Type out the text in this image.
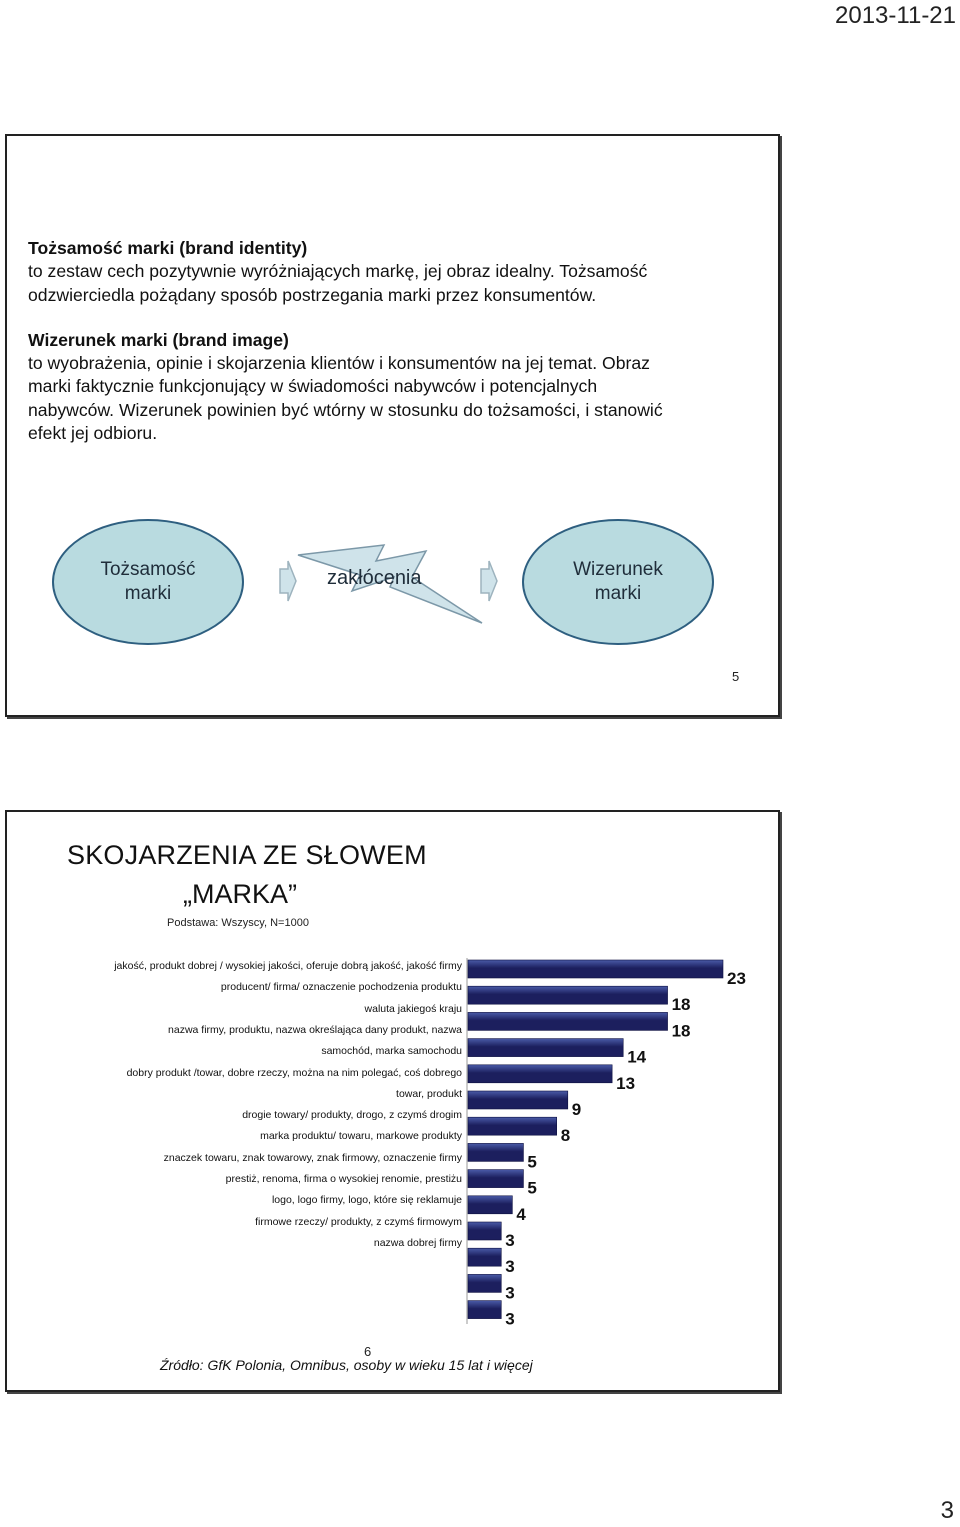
2013-11-21
Tożsamość marki (brand identity)
to zestaw cech pozytywnie wyróżniających markę, jej obraz idealny. Tożsamość
odzwierciedla pożądany sposób postrzegania marki przez konsumentów.
Wizerunek marki (brand image)
to wyobrażenia, opinie i skojarzenia klientów i konsumentów na jej temat. Obraz
marki faktycznie funkcjonujący w świadomości nabywców i potencjalnych
nabywców. Wizerunek powinien być wtórny w stosunku do tożsamości, i stanowić
efekt jej odbioru.
Tożsamość
marki
zakłócenia	Wizerunek
marki
5
SKOJARZENIA ZE SŁOWEM
„MARKA”
Podstawa: Wszyscy, N=1000
jakość, produkt dobrej / wysokiej jakości, oferuje dobrą jakość, jakość firmy
producent/ firma/ oznaczenie pochodzenia produktu
waluta jakiegoś kraju
nazwa firmy, produktu, nazwa określająca dany produkt, nazwa
samochód, marka samochodu
dobry produkt /towar, dobre rzeczy, można na nim polegać, coś dobrego
towar, produkt
drogie towary/ produkty, drogo, z czymś drogim
marka produktu/ towaru, markowe produkty
znaczek towaru, znak towarowy, znak firmowy, oznaczenie firmy
prestiż, renoma, firma o wysokiej renomie, prestiżu
logo, logo firmy, logo, które się reklamuje
firmowe rzeczy/ produkty, z czymś firmowym
nazwa dobrej firmy
23
18
18
14
13
9
8
5
5
4
3
3
3
3
6
Źródło: GfK Polonia, Omnibus, osoby w wieku 15 lat i więcej
3
